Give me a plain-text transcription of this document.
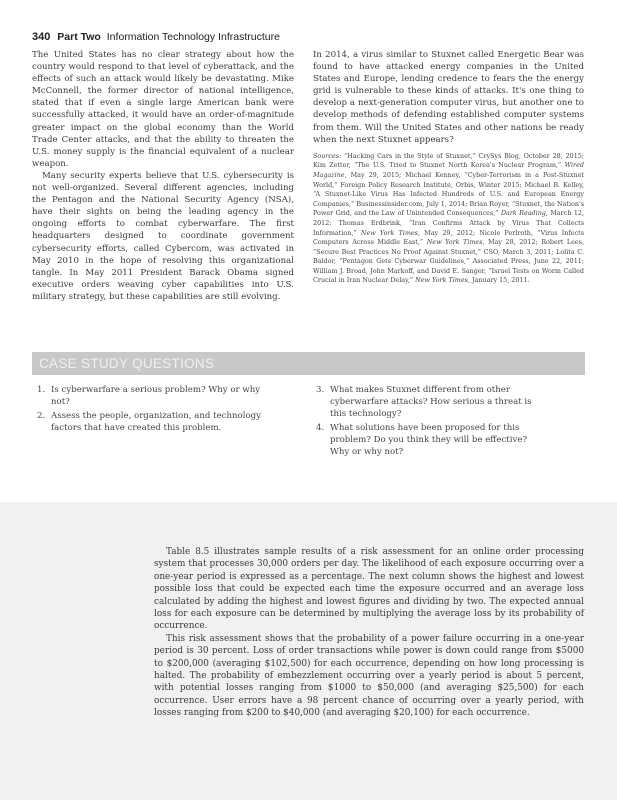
340 Part Two Information Technology Infrastructure

The United States has no clear strategy about how the country would respond to that level of cyberattack, and the effects of such an attack would likely be devastating. Mike McConnell, the former director of national intelligence, stated that if even a single large American bank were successfully attacked, it would have an order-of-magnitude greater impact on the global economy than the World Trade Center attacks, and that the ability to threaten the U.S. money supply is the financial equivalent of a nuclear weapon.

Many security experts believe that U.S. cybersecurity is not well-organized. Several different agencies, including the Pentagon and the National Security Agency (NSA), have their sights on being the leading agency in the ongoing efforts to combat cyberwarfare. The first headquarters designed to coordinate government cybersecurity efforts, called Cybercom, was activated in May 2010 in the hope of resolving this organizational tangle. In May 2011 President Barack Obama signed executive orders weaving cyber capabilities into U.S. military strategy, but these capabilities are still evolving.

In 2014, a virus similar to Stuxnet called Energetic Bear was found to have attacked energy companies in the United States and Europe, lending credence to fears the the energy grid is vulnerable to these kinds of attacks. It's one thing to develop a next-generation computer virus, but another one to develop methods of defending established computer systems from them. Will the United States and other nations be ready when the next Stuxnet appears?

Sources: “Hacking Cars in the Style of Stuxnet,” CrySys Blog, October 28, 2015; Kim Zetter, “The U.S. Tried to Stuxnet North Korea's Nuclear Program,” Wired Magazine, May 29, 2015; Michael Kenney, “Cyber-Terrorism in a Post-Stuxnet World,” Foreign Policy Research Institute, Orbis, Winter 2015; Michael B. Kelley, “A Stuxnet-Like Virus Has Infected Hundreds of U.S. and European Energy Companies,” Businessinsider.com, July 1, 2014; Brian Royer, “Stuxnet, the Nation's Power Grid, and the Law of Unintended Consequences,” Dark Reading, March 12, 2012; Thomas Erdbrink, “Iran Confirms Attack by Virus That Collects Information,” New York Times, May 29, 2012; Nicole Perlroth, “Virus Infects Computers Across Middle East,” New York Times, May 28, 2012; Robert Lees, “Secure Best Practices No Proof Against Stuxnet,” CSO, March 3, 2011; Lolita C. Baldor, “Pentagon Gets Cyberwar Guidelines,” Associated Press, June 22, 2011; William J. Broad, John Markoff, and David E. Sanger, “Israel Tests on Worm Called Crucial in Iran Nuclear Delay,” New York Times, January 15, 2011.

CASE STUDY QUESTIONS
1. Is cyberwarfare a serious problem? Why or why not?
2. Assess the people, organization, and technology factors that have created this problem.
3. What makes Stuxnet different from other cyberwarfare attacks? How serious a threat is this technology?
4. What solutions have been proposed for this problem? Do you think they will be effective? Why or why not?

Table 8.5 illustrates sample results of a risk assessment for an online order processing system that processes 30,000 orders per day. The likelihood of each exposure occurring over a one-year period is expressed as a percentage. The next column shows the highest and lowest possible loss that could be expected each time the exposure occurred and an average loss calculated by adding the highest and lowest figures and dividing by two. The expected annual loss for each exposure can be determined by multiplying the average loss by its probability of occurrence.

This risk assessment shows that the probability of a power failure occurring in a one-year period is 30 percent. Loss of order transactions while power is down could range from $5000 to $200,000 (averaging $102,500) for each occurrence, depending on how long processing is halted. The probability of embezzlement occurring over a yearly period is about 5 percent, with potential losses ranging from $1000 to $50,000 (and averaging $25,500) for each occurrence. User errors have a 98 percent chance of occurring over a yearly period, with losses ranging from $200 to $40,000 (and averaging $20,100) for each occurrence.
